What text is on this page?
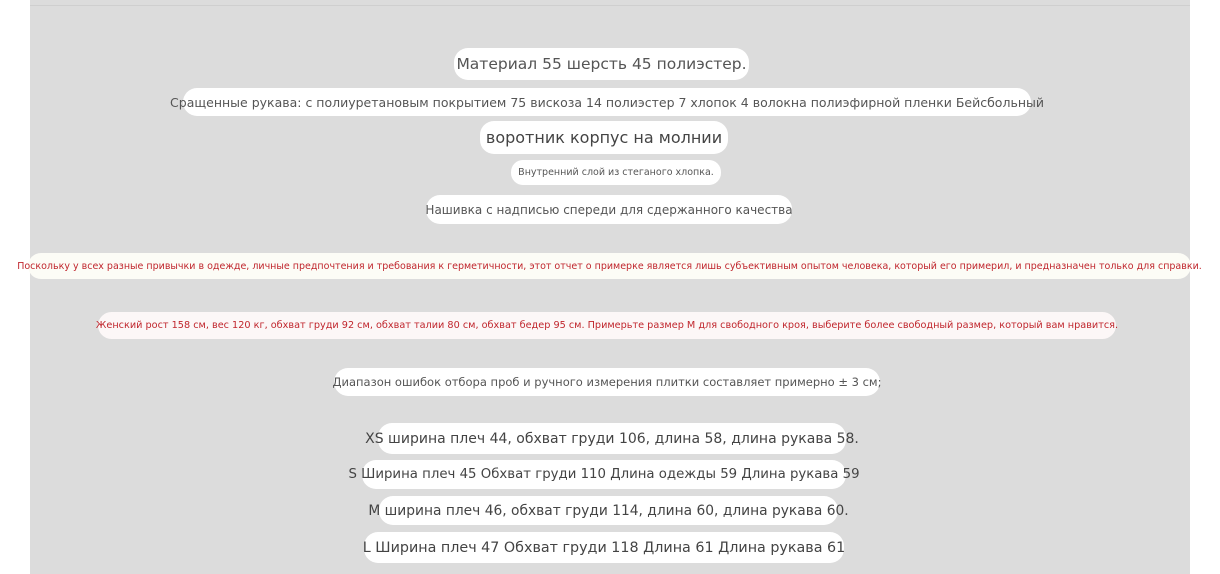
Материал 55 шерсть 45 полиэстер.
Сращенные рукава: с полиуретановым покрытием 75 вискоза 14 полиэстер 7 хлопок 4 волокна полиэфирной пленки Бейсбольный
воротник корпус на молнии
Внутренний слой из стеганого хлопка.
Нашивка с надписью спереди для сдержанного качества
Поскольку у всех разные привычки в одежде, личные предпочтения и требования к герметичности, этот отчет о примерке является лишь субъективным опытом человека, который его примерил, и предназначен только для справки.
Женский рост 158 см, вес 120 кг, обхват груди 92 см, обхват талии 80 см, обхват бедер 95 см. Примерьте размер M для свободного кроя, выберите более свободный размер, который вам нравится.
Диапазон ошибок отбора проб и ручного измерения плитки составляет примерно ± 3 см;
XS ширина плеч 44, обхват груди 106, длина 58, длина рукава 58.
S Ширина плеч 45 Обхват груди 110 Длина одежды 59 Длина рукава 59
M ширина плеч 46, обхват груди 114, длина 60, длина рукава 60.
L Ширина плеч 47 Обхват груди 118 Длина 61 Длина рукава 61
